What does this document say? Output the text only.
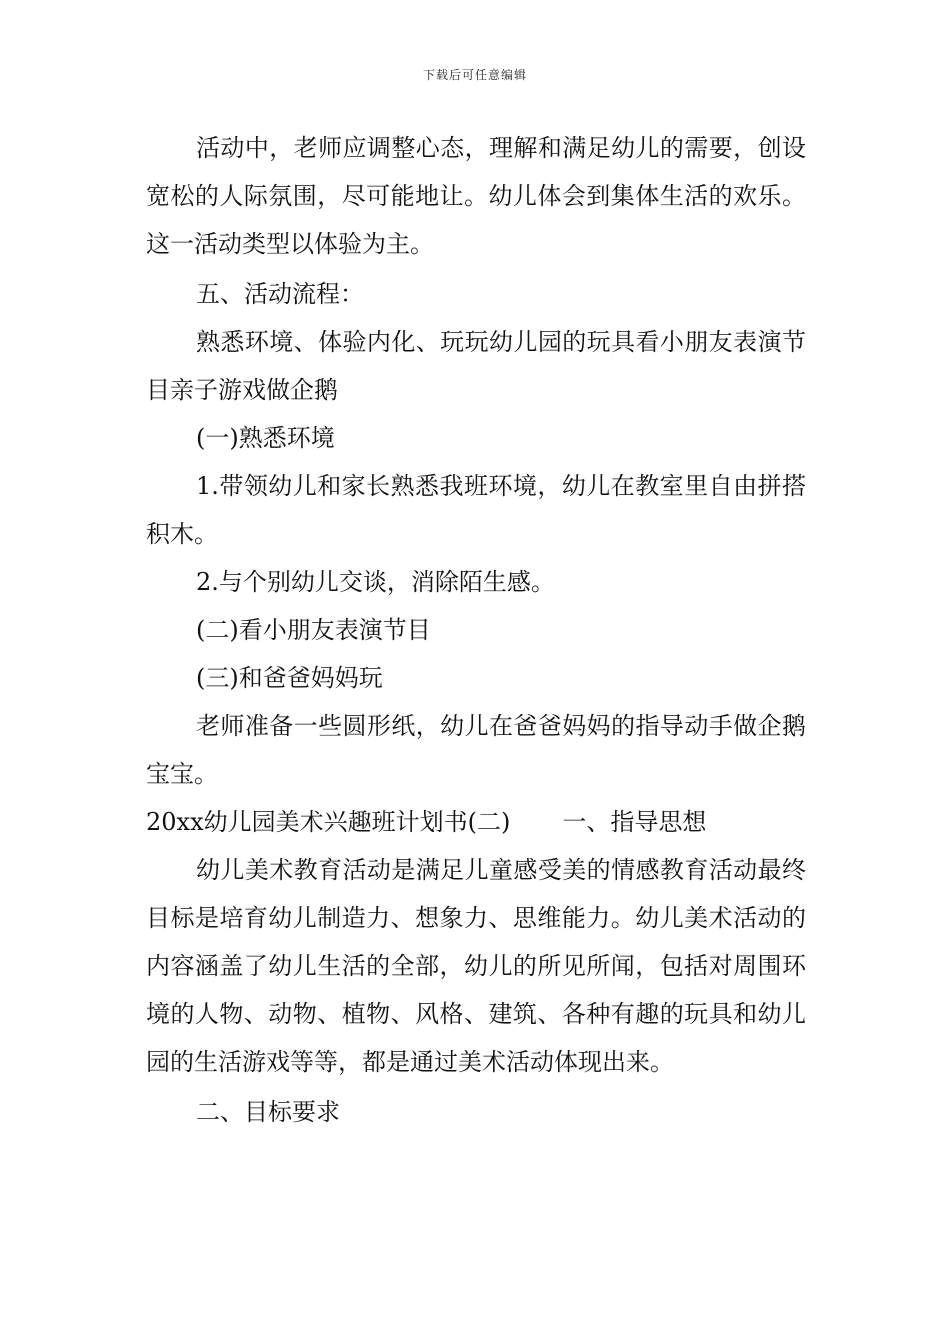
下载后可任意编辑

活动中，老师应调整心态，理解和满足幼儿的需要，创设宽松的人际氛围，尽可能地让。幼儿体会到集体生活的欢乐。这一活动类型以体验为主。

五、活动流程：

熟悉环境、体验内化、玩玩幼儿园的玩具看小朋友表演节目亲子游戏做企鹅

(一)熟悉环境

1.带领幼儿和家长熟悉我班环境，幼儿在教室里自由拼搭积木。

2.与个别幼儿交谈，消除陌生感。

(二)看小朋友表演节目

(三)和爸爸妈妈玩

老师准备一些圆形纸，幼儿在爸爸妈妈的指导动手做企鹅宝宝。

20xx幼儿园美术兴趣班计划书(二) 一、指导思想

幼儿美术教育活动是满足儿童感受美的情感教育活动最终目标是培育幼儿制造力、想象力、思维能力。幼儿美术活动的内容涵盖了幼儿生活的全部，幼儿的所见所闻，包括对周围环境的人物、动物、植物、风格、建筑、各种有趣的玩具和幼儿园的生活游戏等等，都是通过美术活动体现出来。

二、目标要求
